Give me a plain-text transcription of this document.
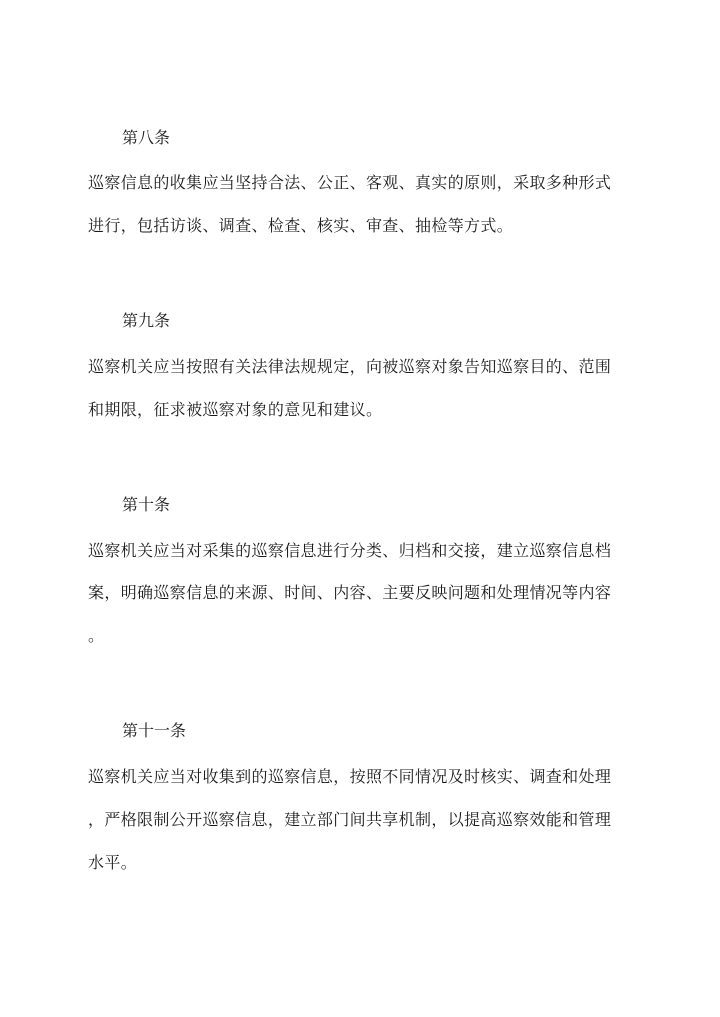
第八条

巡察信息的收集应当坚持合法、公正、客观、真实的原则，采取多种形式

进行，包括访谈、调查、检查、核实、审查、抽检等方式。

第九条

巡察机关应当按照有关法律法规规定，向被巡察对象告知巡察目的、范围

和期限，征求被巡察对象的意见和建议。

第十条

巡察机关应当对采集的巡察信息进行分类、归档和交接，建立巡察信息档

案，明确巡察信息的来源、时间、内容、主要反映问题和处理情况等内容

。

第十一条

巡察机关应当对收集到的巡察信息，按照不同情况及时核实、调查和处理

，严格限制公开巡察信息，建立部门间共享机制，以提高巡察效能和管理

水平。
